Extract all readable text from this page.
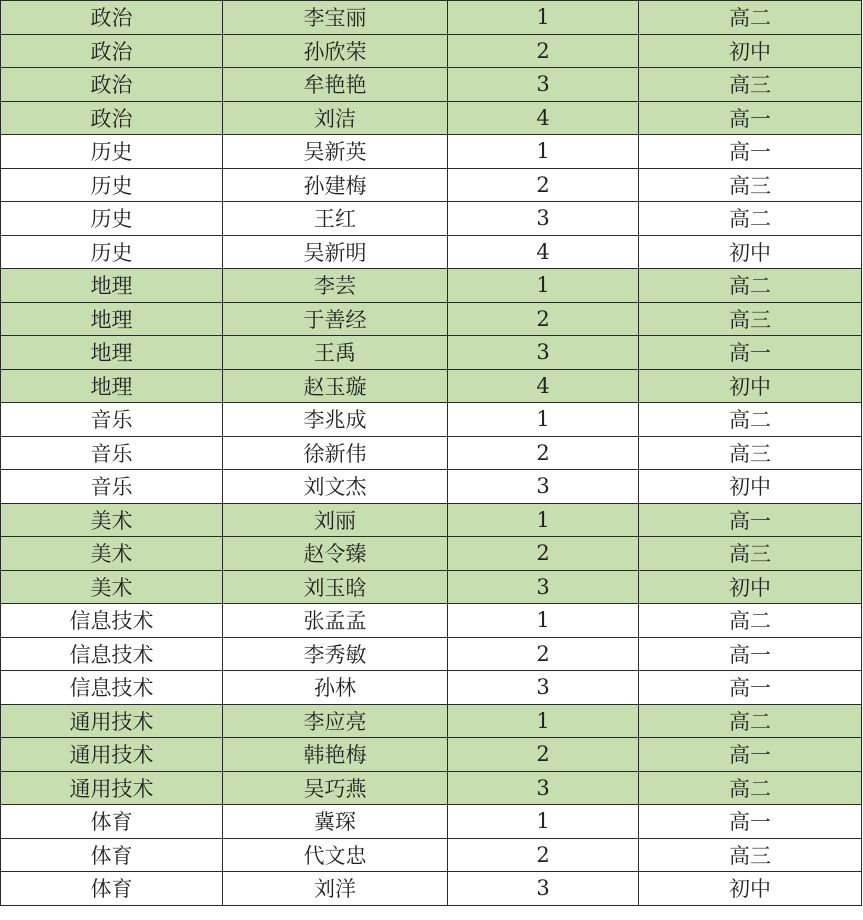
政治	李宝丽	1	高二
政治	孙欣荣	2	初中
政治	牟艳艳	3	高三
政治	刘洁	4	高一
历史	吴新英	1	高一
历史	孙建梅	2	高三
历史	王红	3	高二
历史	吴新明	4	初中
地理	李芸	1	高二
地理	于善经	2	高三
地理	王禹	3	高一
地理	赵玉璇	4	初中
音乐	李兆成	1	高二
音乐	徐新伟	2	高三
音乐	刘文杰	3	初中
美术	刘丽	1	高一
美术	赵令臻	2	高三
美术	刘玉晗	3	初中
信息技术	张孟孟	1	高二
信息技术	李秀敏	2	高一
信息技术	孙林	3	高一
通用技术	李应亮	1	高二
通用技术	韩艳梅	2	高一
通用技术	吴巧燕	3	高二
体育	冀琛	1	高一
体育	代文忠	2	高三
体育	刘洋	3	初中
